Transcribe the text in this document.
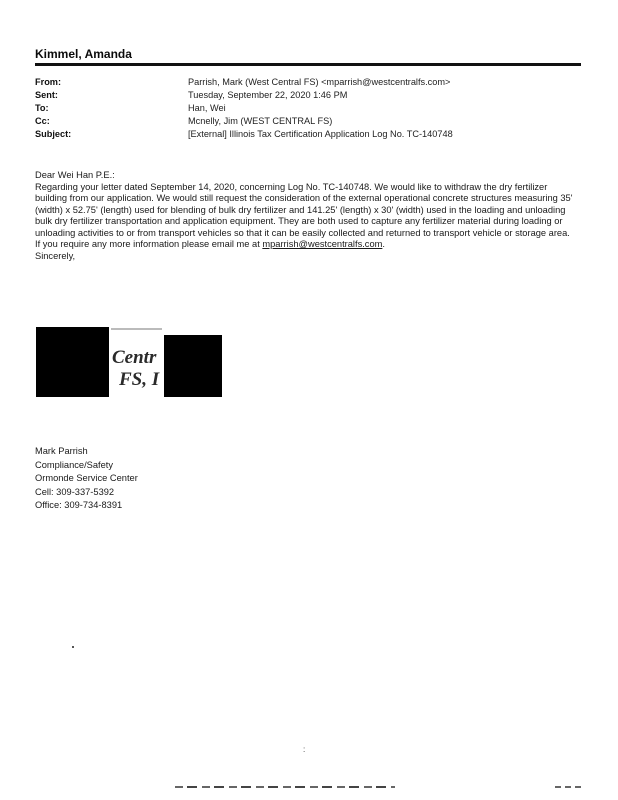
Kimmel, Amanda
From:	Parrish, Mark (West Central FS) <mparrish@westcentralfs.com>
Sent:	Tuesday, September 22, 2020 1:46 PM
To:	Han, Wei
Cc:	Mcnelly, Jim (WEST CENTRAL FS)
Subject:	[External] Illinois Tax Certification Application Log No. TC-140748

Dear Wei Han P.E.:

Regarding your letter dated September 14, 2020, concerning Log No. TC-140748. We would like to withdraw the dry fertilizer building from our application. We would still request the consideration of the external operational concrete structures measuring 35' (width) x 52.75' (length) used for blending of bulk dry fertilizer and 141.25' (length) x 30' (width) used in the loading and unloading bulk dry fertilizer transportation and application equipment. They are both used to capture any fertilizer material during loading or unloading activities to or from transport vehicles so that it can be easily collected and returned to transport vehicle or storage area.

If you require any more information please email me at mparrish@westcentralfs.com.

Sincerely,

Centr
FS, I
Mark Parrish
Compliance/Safety
Ormonde Service Center
Cell: 309-337-5392
Office: 309-734-8391
:
